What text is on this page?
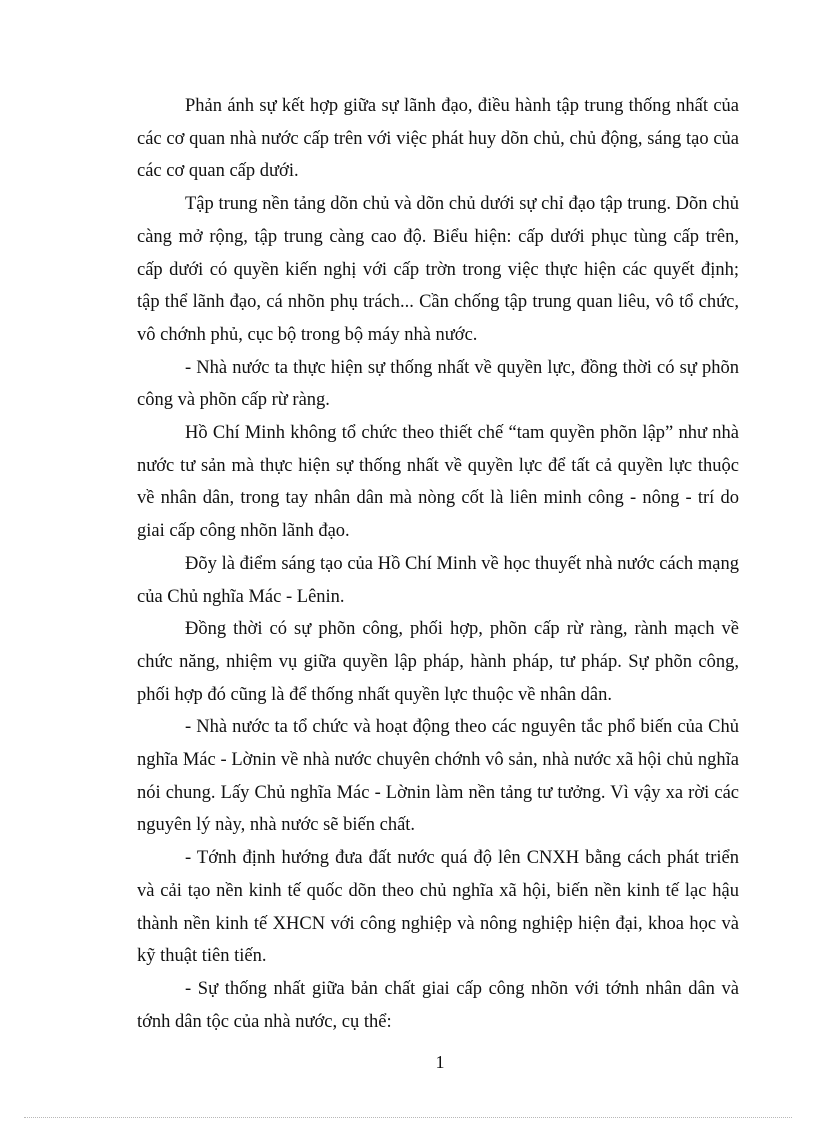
Phản ánh sự kết hợp giữa sự lãnh đạo, điều hành tập trung thống nhất của các cơ quan nhà nước cấp trên với việc phát huy dõn chủ, chủ động, sáng tạo của các cơ quan cấp dưới.

Tập trung nền tảng dõn chủ và dõn chủ dưới sự chỉ đạo tập trung. Dõn chủ càng mở rộng, tập trung càng cao độ. Biểu hiện: cấp dưới phục tùng cấp trên, cấp dưới có quyền kiến nghị với cấp trờn trong việc thực hiện các quyết định; tập thể lãnh đạo, cá nhõn phụ trách... Cần chống tập trung quan liêu, vô tổ chức, vô chớnh phủ, cục bộ trong bộ máy nhà nước.

- Nhà nước ta thực hiện sự thống nhất về quyền lực, đồng thời có sự phõn công và phõn cấp rừ ràng.

Hồ Chí Minh không tổ chức theo thiết chế “tam quyền phõn lập” như nhà nước tư sản mà thực hiện sự thống nhất về quyền lực để tất cả quyền lực thuộc về nhân dân, trong tay nhân dân mà nòng cốt là liên minh công - nông - trí do giai cấp công nhõn lãnh đạo.

Đõy là điểm sáng tạo của Hồ Chí Minh về học thuyết nhà nước cách mạng của Chủ nghĩa Mác - Lênin.

Đồng thời có sự phõn công, phối hợp, phõn cấp rừ ràng, rành mạch về chức năng, nhiệm vụ giữa quyền lập pháp, hành pháp, tư pháp. Sự phõn công, phối hợp đó cũng là để thống nhất quyền lực thuộc về nhân dân.

- Nhà nước ta tổ chức và hoạt động theo các nguyên tắc phổ biến của Chủ nghĩa Mác - Lờnin về nhà nước chuyên chớnh vô sản, nhà nước xã hội chủ nghĩa nói chung. Lấy Chủ nghĩa Mác - Lờnin làm nền tảng tư tưởng. Vì vậy xa rời các nguyên lý này, nhà nước sẽ biến chất.

- Tớnh định hướng đưa đất nước quá độ lên CNXH bằng cách phát triển và cải tạo nền kinh tế quốc dõn theo chủ nghĩa xã hội, biến nền kinh tế lạc hậu thành nền kinh tế XHCN với công nghiệp và nông nghiệp hiện đại, khoa học và kỹ thuật tiên tiến.

- Sự thống nhất giữa bản chất giai cấp công nhõn với tớnh nhân dân và tớnh dân tộc của nhà nước, cụ thể:

1
